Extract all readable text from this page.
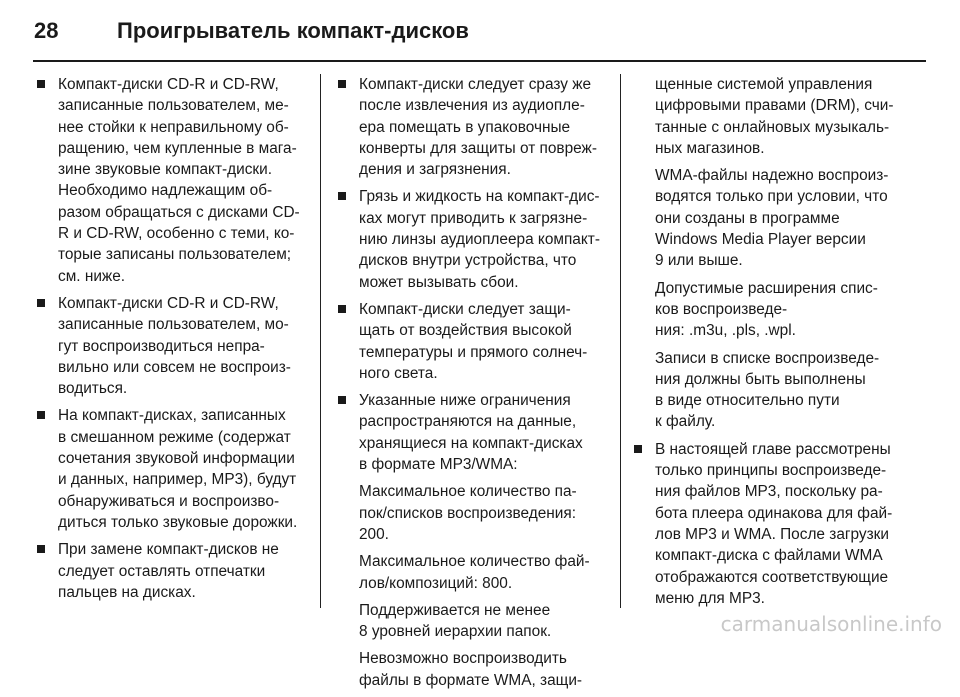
28	Проигрыватель компакт-дисков
Компакт-диски CD-R и CD-RW,
записанные пользователем, ме-
нее стойки к неправильному об-
ращению, чем купленные в мага-
зине звуковые компакт-диски.
Необходимо надлежащим об-
разом обращаться с дисками CD-
R и CD-RW, особенно с теми, ко-
торые записаны пользователем;
см. ниже.
Компакт-диски CD-R и CD-RW,
записанные пользователем, мо-
гут воспроизводиться непра-
вильно или совсем не воспроиз-
водиться.
На компакт-дисках, записанных
в смешанном режиме (содержат
сочетания звуковой информации
и данных, например, MP3), будут
обнаруживаться и воспроизво-
диться только звуковые дорожки.
При замене компакт-дисков не
следует оставлять отпечатки
пальцев на дисках.
Компакт-диски следует сразу же
после извлечения из аудиопле-
ера помещать в упаковочные
конверты для защиты от повреж-
дения и загрязнения.
Грязь и жидкость на компакт-дис-
ках могут приводить к загрязне-
нию линзы аудиоплеера компакт-
дисков внутри устройства, что
может вызывать сбои.
Компакт-диски следует защи-
щать от воздействия высокой
температуры и прямого солнеч-
ного света.
Указанные ниже ограничения
распространяются на данные,
хранящиеся на компакт-дисках
в формате MP3/WMA:
Максимальное количество па-
пок/списков воспроизведения:
200.
Максимальное количество фай-
лов/композиций: 800.
Поддерживается не менее
8 уровней иерархии папок.
Невозможно воспроизводить
файлы в формате WMA, защи-
щенные системой управления
цифровыми правами (DRM), счи-
танные с онлайновых музыкаль-
ных магазинов.
WMA-файлы надежно воспроиз-
водятся только при условии, что
они созданы в программе
Windows Media Player версии
9 или выше.
Допустимые расширения спис-
ков воспроизведе-
ния: .m3u, .pls, .wpl.
Записи в списке воспроизведе-
ния должны быть выполнены
в виде относительно пути
к файлу.
В настоящей главе рассмотрены
только принципы воспроизведе-
ния файлов MP3, поскольку ра-
бота плеера одинакова для фай-
лов MP3 и WMA. После загрузки
компакт-диска с файлами WMA
отображаются соответствующие
меню для MP3.
carmanualsonline.info
